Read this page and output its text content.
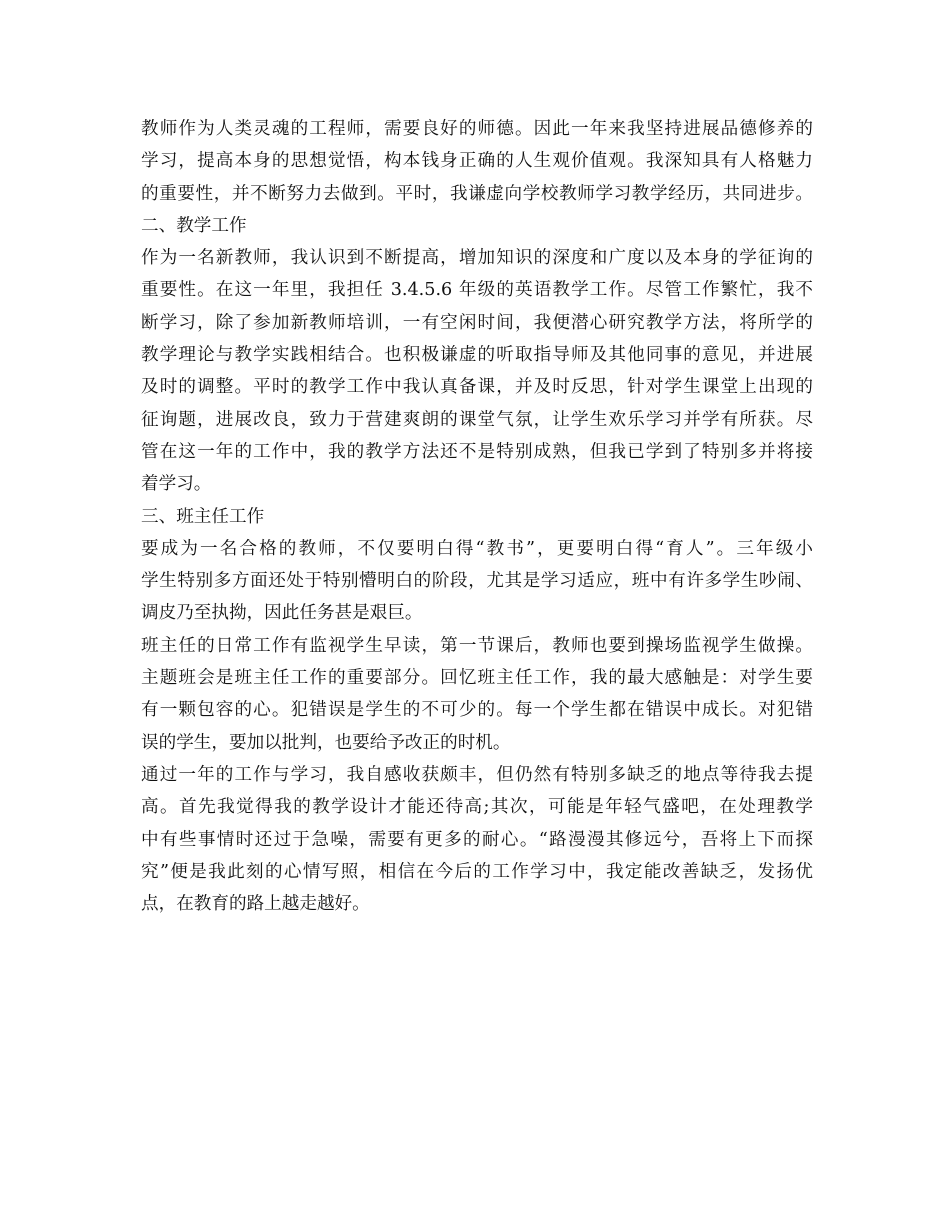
教师作为人类灵魂的工程师，需要良好的师德。因此一年来我坚持进展品德修养的
学习，提高本身的思想觉悟，构本钱身正确的人生观价值观。我深知具有人格魅力
的重要性，并不断努力去做到。平时，我谦虚向学校教师学习教学经历，共同进步。
二、教学工作
作为一名新教师，我认识到不断提高，增加知识的深度和广度以及本身的学征询的
重要性。在这一年里，我担任 3.4.5.6 年级的英语教学工作。尽管工作繁忙，我不
断学习，除了参加新教师培训，一有空闲时间，我便潜心研究教学方法，将所学的
教学理论与教学实践相结合。也积极谦虚的听取指导师及其他同事的意见，并进展
及时的调整。平时的教学工作中我认真备课，并及时反思，针对学生课堂上出现的
征询题，进展改良，致力于营建爽朗的课堂气氛，让学生欢乐学习并学有所获。尽
管在这一年的工作中，我的教学方法还不是特别成熟，但我已学到了特别多并将接
着学习。
三、班主任工作
要成为一名合格的教师，不仅要明白得“教书”，更要明白得“育人”。三年级小
学生特别多方面还处于特别懵明白的阶段，尤其是学习适应，班中有许多学生吵闹、
调皮乃至执拗，因此任务甚是艰巨。
班主任的日常工作有监视学生早读，第一节课后，教师也要到操场监视学生做操。
主题班会是班主任工作的重要部分。回忆班主任工作，我的最大感触是：对学生要
有一颗包容的心。犯错误是学生的不可少的。每一个学生都在错误中成长。对犯错
误的学生，要加以批判，也要给予改正的时机。
通过一年的工作与学习，我自感收获颇丰，但仍然有特别多缺乏的地点等待我去提
高。首先我觉得我的教学设计才能还待高;其次，可能是年轻气盛吧，在处理教学
中有些事情时还过于急噪，需要有更多的耐心。“路漫漫其修远兮，吾将上下而探
究”便是我此刻的心情写照，相信在今后的工作学习中，我定能改善缺乏，发扬优
点，在教育的路上越走越好。
